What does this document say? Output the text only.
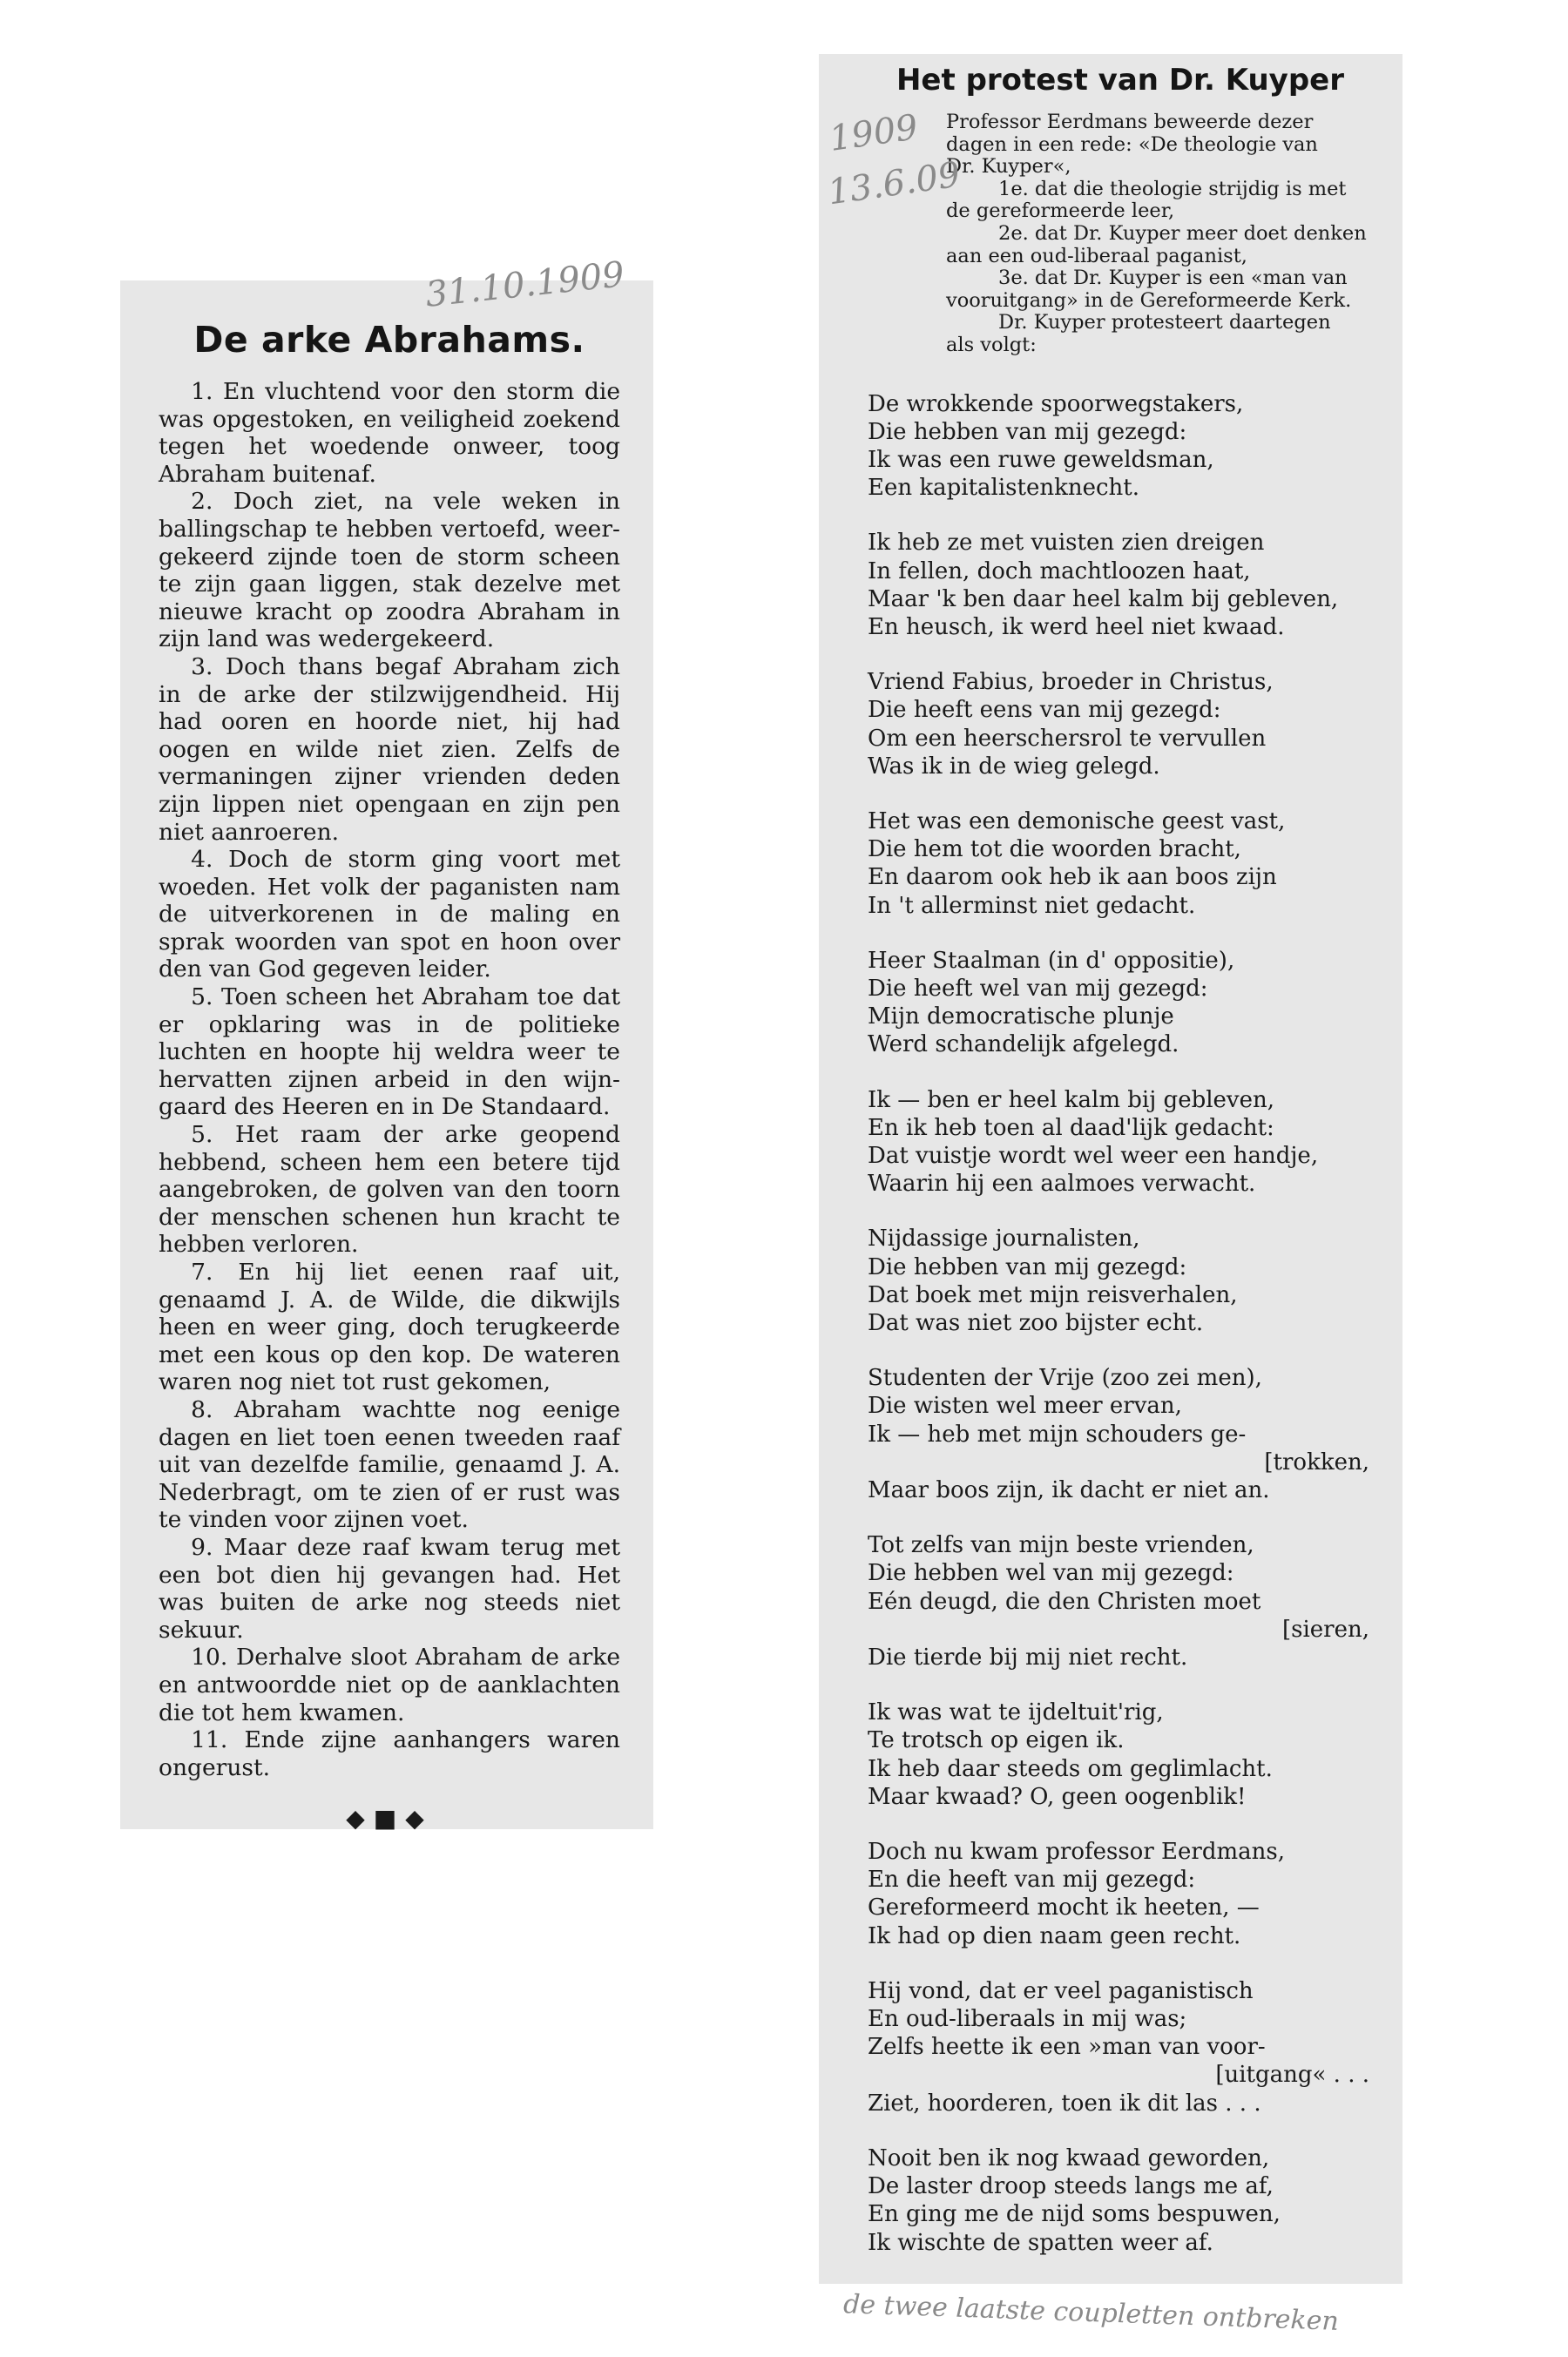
De arke Abrahams.

1. En vluchtend voor den storm die was opgestoken, en veiligheid zoekend tegen het woedende onweer, toog Abraham buitenaf.

2. Doch ziet, na vele weken in ballingschap te hebben vertoefd, weergekeerd zijnde toen de storm scheen te zijn gaan liggen, stak dezelve met nieuwe kracht op zoodra Abraham in zijn land was wedergekeerd.

3. Doch thans begaf Abraham zich in de arke der stilzwijgendheid. Hij had ooren en hoorde niet, hij had oogen en wilde niet zien. Zelfs de vermaningen zijner vrienden deden zijn lippen niet opengaan en zijn pen niet aanroeren.

4. Doch de storm ging voort met woeden. Het volk der paganisten nam de uitverkorenen in de maling en sprak woorden van spot en hoon over den van God gegeven leider.

5. Toen scheen het Abraham toe dat er opklaring was in de politieke luchten en hoopte hij weldra weer te hervatten zijnen arbeid in den wijngaard des Heeren en in De Standaard.

5. Het raam der arke geopend hebbend, scheen hem een betere tijd aangebroken, de golven van den toorn der menschen schenen hun kracht te hebben verloren.

7. En hij liet eenen raaf uit, genaamd J. A. de Wilde, die dikwijls heen en weer ging, doch terugkeerde met een kous op den kop. De wateren waren nog niet tot rust gekomen,

8. Abraham wachtte nog eenige dagen en liet toen eenen tweeden raaf uit van dezelfde familie, genaamd J. A. Nederbragt, om te zien of er rust was te vinden voor zijnen voet.

9. Maar deze raaf kwam terug met een bot dien hij gevangen had. Het was buiten de arke nog steeds niet sekuur.

10. Derhalve sloot Abraham de arke en antwoordde niet op de aanklachten die tot hem kwamen.

11. Ende zijne aanhangers waren ongerust.

◆■◆
31.10.1909
Het protest van Dr. Kuyper
Professor Eerdmans beweerde dezer
dagen in een rede: «De theologie van
Dr. Kuyper«,
1e. dat die theologie strijdig is met
de gereformeerde leer,
2e. dat Dr. Kuyper meer doet denken
aan een oud-liberaal paganist,
3e. dat Dr. Kuyper is een «man van
vooruitgang» in de Gereformeerde Kerk.
Dr. Kuyper protesteert daartegen
als volgt:
De wrokkende spoorwegstakers,
Die hebben van mij gezegd:
Ik was een ruwe geweldsman,
Een kapitalistenknecht.
Ik heb ze met vuisten zien dreigen
In fellen, doch machtloozen haat,
Maar 'k ben daar heel kalm bij gebleven,
En heusch, ik werd heel niet kwaad.
Vriend Fabius, broeder in Christus,
Die heeft eens van mij gezegd:
Om een heerschersrol te vervullen
Was ik in de wieg gelegd.
Het was een demonische geest vast,
Die hem tot die woorden bracht,
En daarom ook heb ik aan boos zijn
In 't allerminst niet gedacht.
Heer Staalman (in d' oppositie),
Die heeft wel van mij gezegd:
Mijn democratische plunje
Werd schandelijk afgelegd.
Ik — ben er heel kalm bij gebleven,
En ik heb toen al daad'lijk gedacht:
Dat vuistje wordt wel weer een handje,
Waarin hij een aalmoes verwacht.
Nijdassige journalisten,
Die hebben van mij gezegd:
Dat boek met mijn reisverhalen,
Dat was niet zoo bijster echt.
Studenten der Vrije (zoo zei men),
Die wisten wel meer ervan,
Ik — heb met mijn schouders ge-
[trokken,
Maar boos zijn, ik dacht er niet an.
Tot zelfs van mijn beste vrienden,
Die hebben wel van mij gezegd:
Eén deugd, die den Christen moet
[sieren,
Die tierde bij mij niet recht.
Ik was wat te ijdeltuit'rig,
Te trotsch op eigen ik.
Ik heb daar steeds om geglimlacht.
Maar kwaad? O, geen oogenblik!
Doch nu kwam professor Eerdmans,
En die heeft van mij gezegd:
Gereformeerd mocht ik heeten, —
Ik had op dien naam geen recht.
Hij vond, dat er veel paganistisch
En oud-liberaals in mij was;
Zelfs heette ik een »man van voor-
[uitgang« . . .
Ziet, hoorderen, toen ik dit las . . .
Nooit ben ik nog kwaad geworden,
De laster droop steeds langs me af,
En ging me de nijd soms bespuwen,
Ik wischte de spatten weer af.
1909
13.6.09
de twee laatste coupletten ontbreken
